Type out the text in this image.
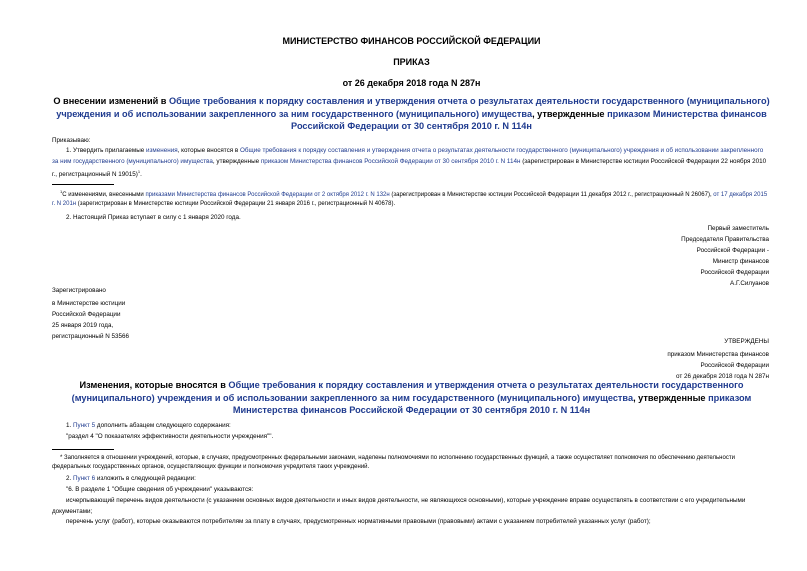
МИНИСТЕРСТВО ФИНАНСОВ РОССИЙСКОЙ ФЕДЕРАЦИИ
ПРИКАЗ
от 26 декабря 2018 года N 287н
О внесении изменений в Общие требования к порядку составления и утверждения отчета о результатах деятельности государственного (муниципального) учреждения и об использовании закрепленного за ним государственного (муниципального) имущества, утвержденные приказом Министерства финансов Российской Федерации от 30 сентября 2010 г. N 114н
Приказываю:
1. Утвердить прилагаемые изменения, которые вносятся в Общие требования к порядку составления и утверждения отчета о результатах деятельности государственного (муниципального) учреждения и об использовании закрепленного за ним государственного (муниципального) имущества, утвержденные приказом Министерства финансов Российской Федерации от 30 сентября 2010 г. N 114н (зарегистрирован в Министерстве юстиции Российской Федерации 22 ноября 2010 г., регистрационный N 19015)$^1$.
$^1$С изменениями, внесенными приказами Министерства финансов Российской Федерации от 2 октября 2012 г. N 132н (зарегистрирован в Министерстве юстиции Российской Федерации 11 декабря 2012 г., регистрационный N 26067), от 17 декабря 2015 г. N 201н (зарегистрирован в Министерстве юстиции Российской Федерации 21 января 2016 г., регистрационный N 40678).
2. Настоящий Приказ вступает в силу с 1 января 2020 года.
Первый заместитель
Председателя Правительства
Российской Федерации -
Министр финансов
Российской Федерации
А.Г.Силуанов
Зарегистрировано
в Министерстве юстиции
Российской Федерации
25 января 2019 года,
регистрационный N 53566
УТВЕРЖДЕНЫ
приказом Министерства финансов
Российской Федерации
от 26 декабря 2018 года N 287н
Изменения, которые вносятся в Общие требования к порядку составления и утверждения отчета о результатах деятельности государственного (муниципального) учреждения и об использовании закрепленного за ним государственного (муниципального) имущества, утвержденные приказом Министерства финансов Российской Федерации от 30 сентября 2010 г. N 114н
1. Пункт 5 дополнить абзацем следующего содержания:
"раздел 4 "О показателях эффективности деятельности учреждения"".
* Заполняется в отношении учреждений, которые, в случаях, предусмотренных федеральными законами, наделены полномочиями по исполнению государственных функций, а также осуществляет полномочия по обеспечению деятельности федеральных государственных органов, осуществляющих функции и полномочия учредителя таких учреждений.
2. Пункт 6 изложить в следующей редакции:
"6. В разделе 1 "Общие сведения об учреждении" указываются:
исчерпывающий перечень видов деятельности (с указанием основных видов деятельности и иных видов деятельности, не являющихся основными), которые учреждение вправе осуществлять в соответствии с его учредительными документами;
перечень услуг (работ), которые оказываются потребителям за плату в случаях, предусмотренных нормативными правовыми (правовыми) актами с указанием потребителей указанных услуг (работ);
